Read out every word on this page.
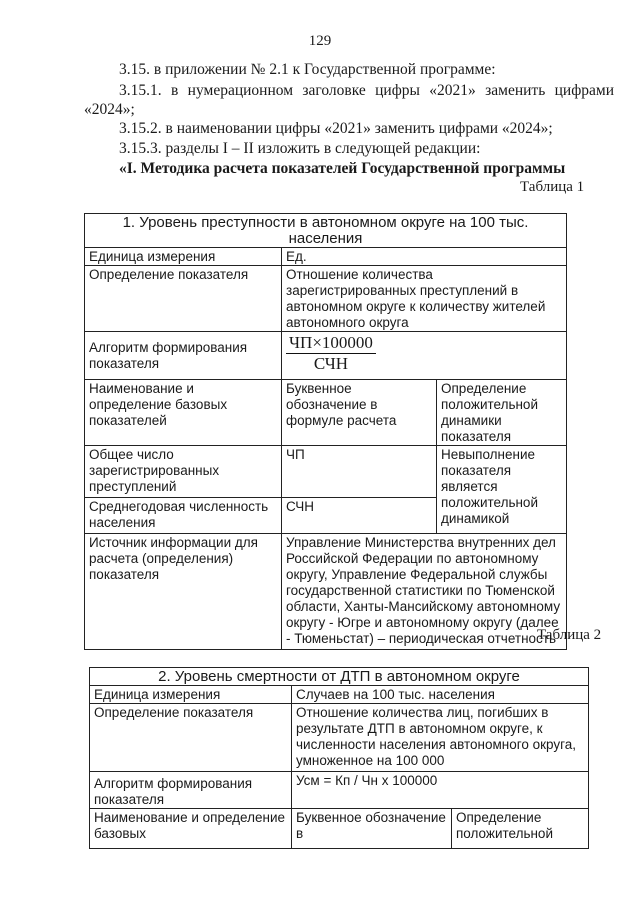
129
3.15. в приложении № 2.1 к Государственной программе:
3.15.1. в нумерационном заголовке цифры «2021» заменить цифрами
«2024»;
3.15.2. в наименовании цифры «2021» заменить цифрами «2024»;
3.15.3. разделы I – II изложить в следующей редакции:
«I. Методика расчета показателей Государственной программы
Таблица 1
1. Уровень преступности в автономном округе на 100 тыс. населения		
Единица измерения	Ед.	
Определение показателя	Отношение количества зарегистрированных преступлений в автономном округе к количеству жителей автономного округа	
Алгоритм формирования показателя	$\frac{ЧП\times 100000}{\text{СЧН}}$

Наименование и определение базовых показателей	Буквенное обозначение в формуле расчета	Определение положительной динамики показателя
Общее число зарегистрированных преступлений	ЧП	Невыполнение показателя является положительной динамикой
Среднегодовая численность населения	СЧН	
Источник информации для расчета (определения) показателя	Управление Министерства внутренних дел Российской Федерации по автономному округу, Управление Федеральной службы государственной статистики по Тюменской области, Ханты-Мансийскому автономному округу - Югре и автономному округу (далее - Тюменьстат) – периодическая отчетность	
Таблица 2
2. Уровень смертности от ДТП в автономном округе		
Единица измерения	Случаев на 100 тыс. населения	
Определение показателя	Отношение количества лиц, погибших в результате ДТП в автономном округе, к численности населения автономного округа, умноженное на 100 000	
Алгоритм формирования показателя	Усм = Кп / Чн х 100000	
Наименование и определение базовых	Буквенное обозначение в	Определение положительной
